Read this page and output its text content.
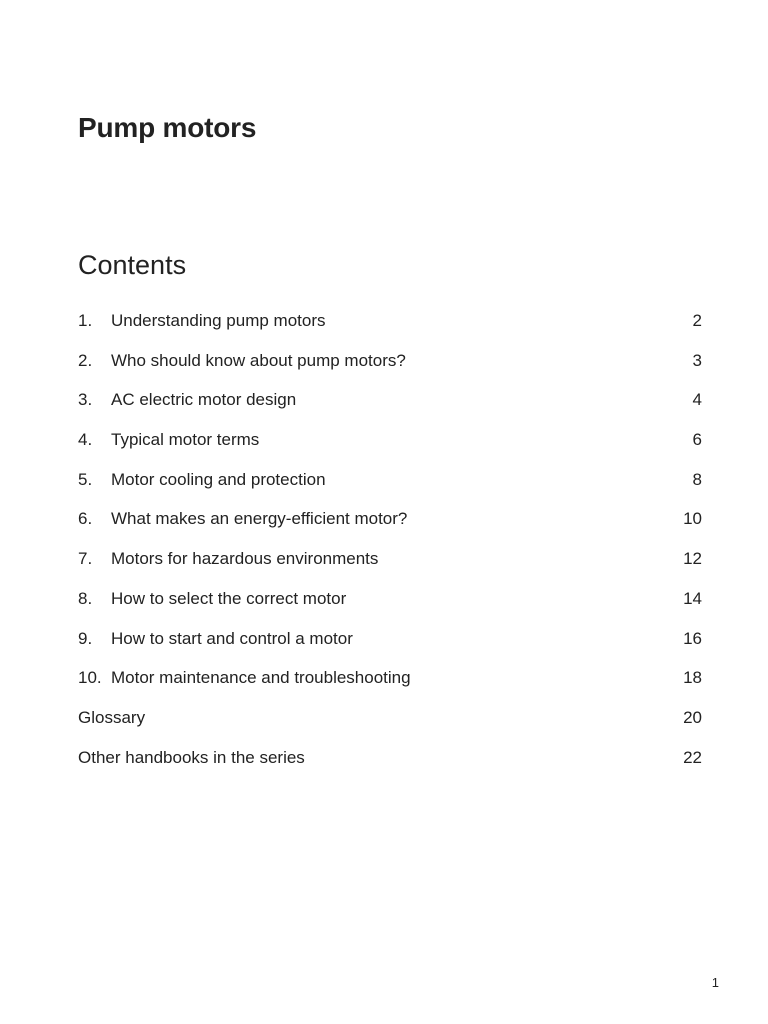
Pump motors
Contents
1.	Understanding pump motors	2
2.	Who should know about pump motors?	3
3.	AC electric motor design	4
4.	Typical motor terms	6
5.	Motor cooling and protection	8
6.	What makes an energy-efficient motor?	10
7.	Motors for hazardous environments	12
8.	How to select the correct motor	14
9.	How to start and control a motor	16
10. Motor maintenance and troubleshooting	18
Glossary	20
Other handbooks in the series	22
1
